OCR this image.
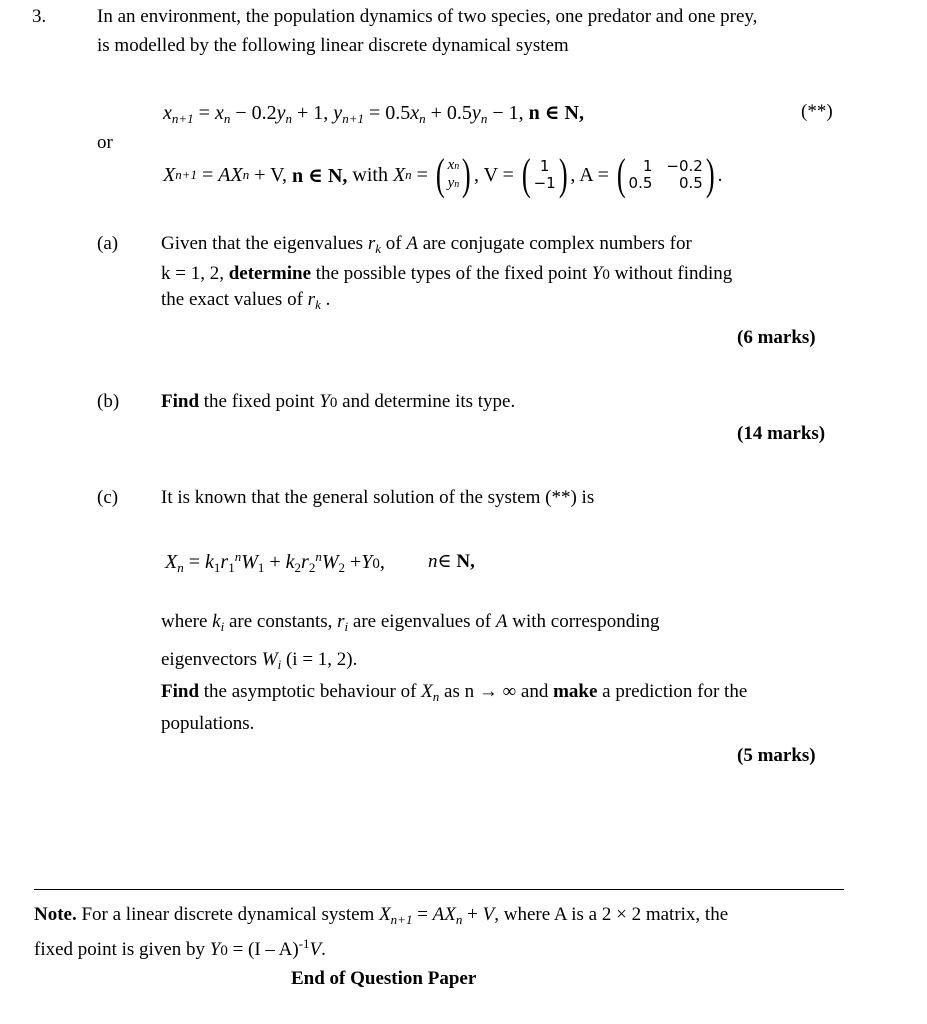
3.	In an environment, the population dynamics of two species, one predator and one prey,
is modelled by the following linear discrete dynamical system
$x_{n+1} = x_n - 0.2y_n + 1$, $y_{n+1} = 0.5x_n + 0.5y_n - 1$, n ∈ N,	(**)
or
X n+1 = A X n + V, n ∈ N, with X n = ( xn
yn ) , V = ( 1
−1 ) , A = (	1 −0.2
0.5	0.5 ) .
(a) Given that the eigenvalues $r_k$ of A are conjugate complex numbers for
k = 1, 2, determine the possible types of the fixed point Y0 without finding
the exact values of $r_k$ .
(6 marks)
(b) Find the fixed point Y0 and determine its type.
(14 marks)
(c) It is known that the general solution of the system (**) is
$X_n = k_1r_1^nW_1 + k_2r_2^nW_2 +Y0$, n∈ N,
where $k_i$ are constants, $r_i$ are eigenvalues of A with corresponding
eigenvectors $W_i$ (i = 1, 2).
Find the asymptotic behaviour of $X_n$ as n → ∞ and make a prediction for the
populations.
(5 marks)
Note. For a linear discrete dynamical system $X_{n+1} = AX_n + V$, where A is a 2 × 2 matrix, the
fixed point is given by Y0 = (I – A)$^{-1}$V.
End of Question Paper
